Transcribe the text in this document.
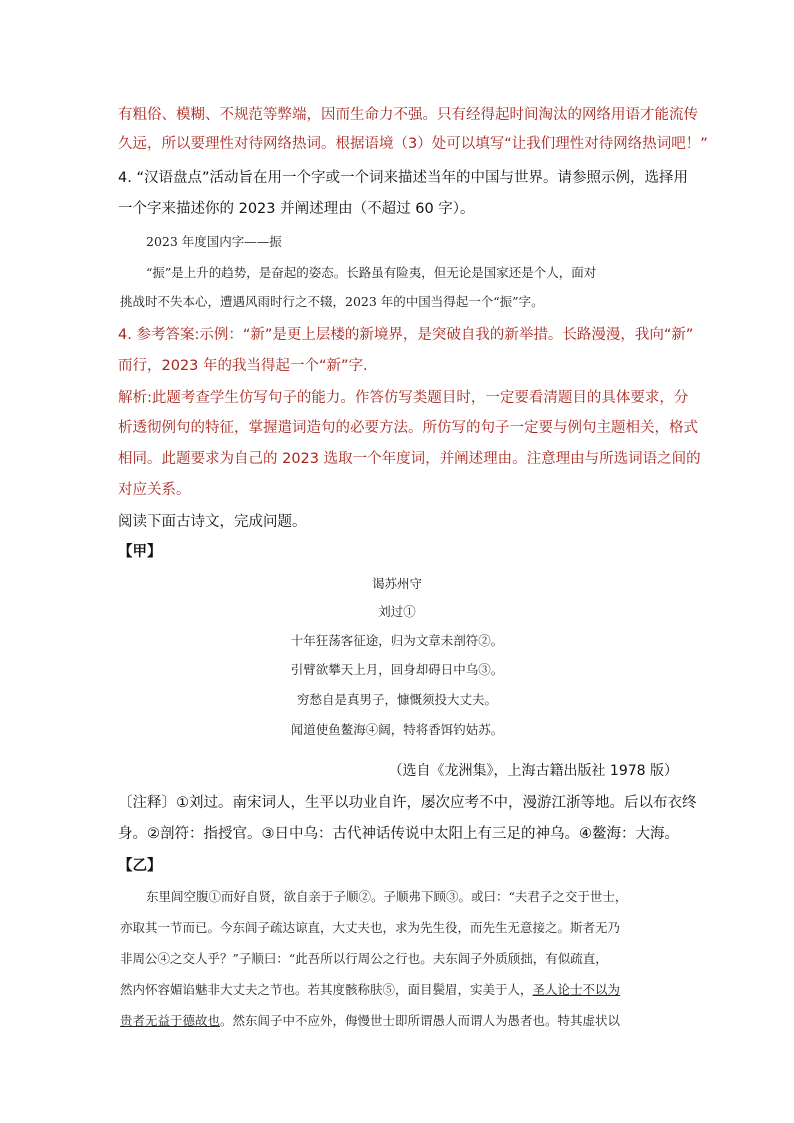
有粗俗、模糊、不规范等弊端，因而生命力不强。只有经得起时间淘汰的网络用语才能流传
久远，所以要理性对待网络热词。根据语境（3）处可以填写“让我们理性对待网络热词吧！”
4. “汉语盘点”活动旨在用一个字或一个词来描述当年的中国与世界。请参照示例，选择用
一个字来描述你的 2023 并阐述理由（不超过 60 字）。
2023 年度国内字——振
“振”是上升的趋势，是奋起的姿态。长路虽有险夷，但无论是国家还是个人，面对
挑战时不失本心，遭遇风雨时行之不辍，2023 年的中国当得起一个“振”字。
4. 参考答案:示例：“新”是更上层楼的新境界，是突破自我的新举措。长路漫漫，我向“新”
而行，2023 年的我当得起一个“新”字.
解析:此题考查学生仿写句子的能力。作答仿写类题目时，一定要看清题目的具体要求，分
析透彻例句的特征，掌握遣词造句的必要方法。所仿写的句子一定要与例句主题相关，格式
相同。此题要求为自己的 2023 选取一个年度词，并阐述理由。注意理由与所选词语之间的
对应关系。
阅读下面古诗文，完成问题。
【甲】
谒苏州守
刘过①
十年狂荡客征途，归为文章未剖符②。
引臂欲攀天上月，回身却碍日中乌③。
穷愁自是真男子，慷慨须投大丈夫。
闻道使鱼鳌海④阔，特将香饵钓姑苏。
（选自《龙洲集》，上海古籍出版社 1978 版）
〔注释〕①刘过。南宋词人，生平以功业自许，屡次应考不中，漫游江浙等地。后以布衣终
身。②剖符：指授官。③日中乌：古代神话传说中太阳上有三足的神乌。④鳌海：大海。
【乙】
东里闾空腹①而好自贤，欲自亲于子顺②。子顺弗下顾③。或曰：“夫君子之交于世士，
亦取其一节而已。今东闾子疏达谅直，大丈夫也，求为先生役，而先生无意接之。斯者无乃
非周公④之交人乎？”子顺曰：“此吾所以行周公之行也。夫东闾子外质颀拙，有似疏直，
然内怀容媚谄魅非大丈夫之节也。若其度骸称肤⑤，面目鬓眉，实美于人，圣人论士不以为
贵者无益于德故也。然东闾子中不应外，侮慢世士即所谓愚人而谓人为愚者也。特其虚状以
